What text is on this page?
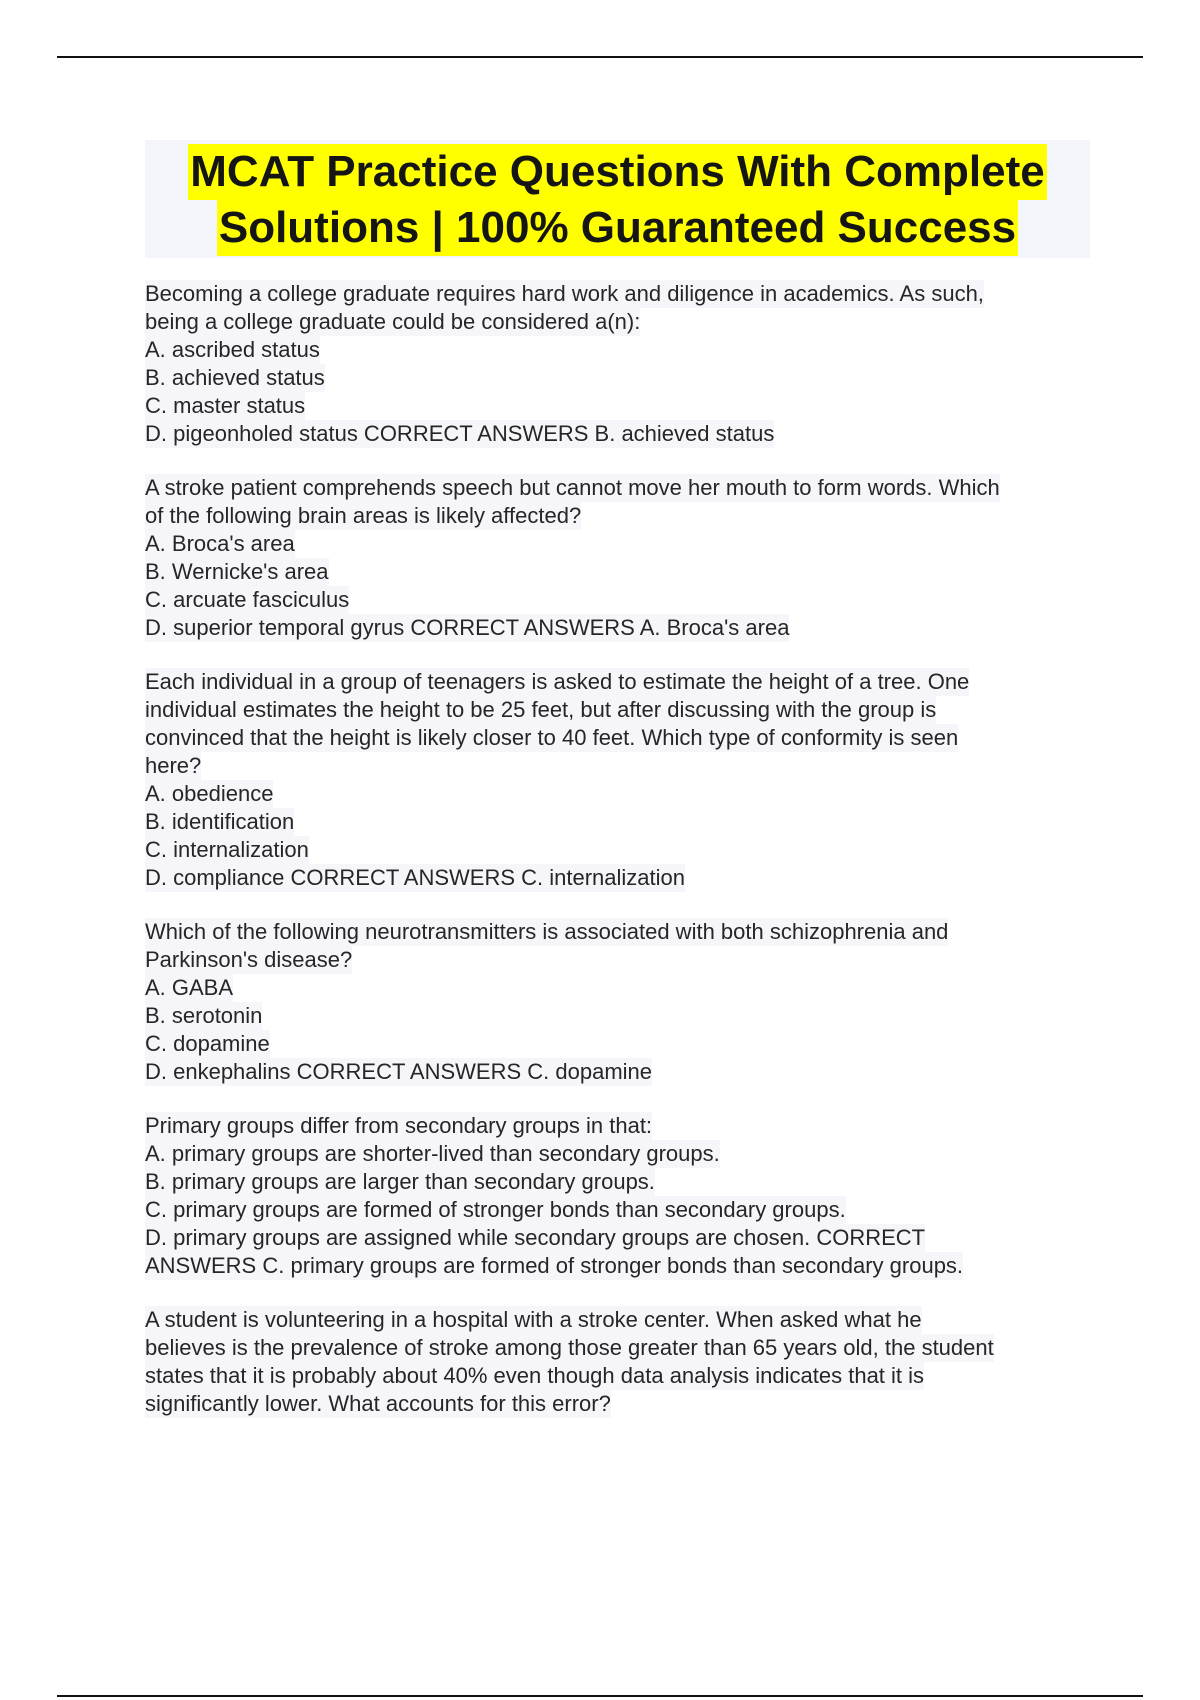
MCAT Practice Questions With Complete
Solutions | 100% Guaranteed Success
Becoming a college graduate requires hard work and diligence in academics. As such,
being a college graduate could be considered a(n):
A. ascribed status
B. achieved status
C. master status
D. pigeonholed status CORRECT ANSWERS B. achieved status
A stroke patient comprehends speech but cannot move her mouth to form words. Which
of the following brain areas is likely affected?
A. Broca's area
B. Wernicke's area
C. arcuate fasciculus
D. superior temporal gyrus CORRECT ANSWERS A. Broca's area
Each individual in a group of teenagers is asked to estimate the height of a tree. One
individual estimates the height to be 25 feet, but after discussing with the group is
convinced that the height is likely closer to 40 feet. Which type of conformity is seen
here?
A. obedience
B. identification
C. internalization
D. compliance CORRECT ANSWERS C. internalization
Which of the following neurotransmitters is associated with both schizophrenia and
Parkinson's disease?
A. GABA
B. serotonin
C. dopamine
D. enkephalins CORRECT ANSWERS C. dopamine
Primary groups differ from secondary groups in that:
A. primary groups are shorter-lived than secondary groups.
B. primary groups are larger than secondary groups.
C. primary groups are formed of stronger bonds than secondary groups.
D. primary groups are assigned while secondary groups are chosen. CORRECT
ANSWERS C. primary groups are formed of stronger bonds than secondary groups.
A student is volunteering in a hospital with a stroke center. When asked what he
believes is the prevalence of stroke among those greater than 65 years old, the student
states that it is probably about 40% even though data analysis indicates that it is
significantly lower. What accounts for this error?
